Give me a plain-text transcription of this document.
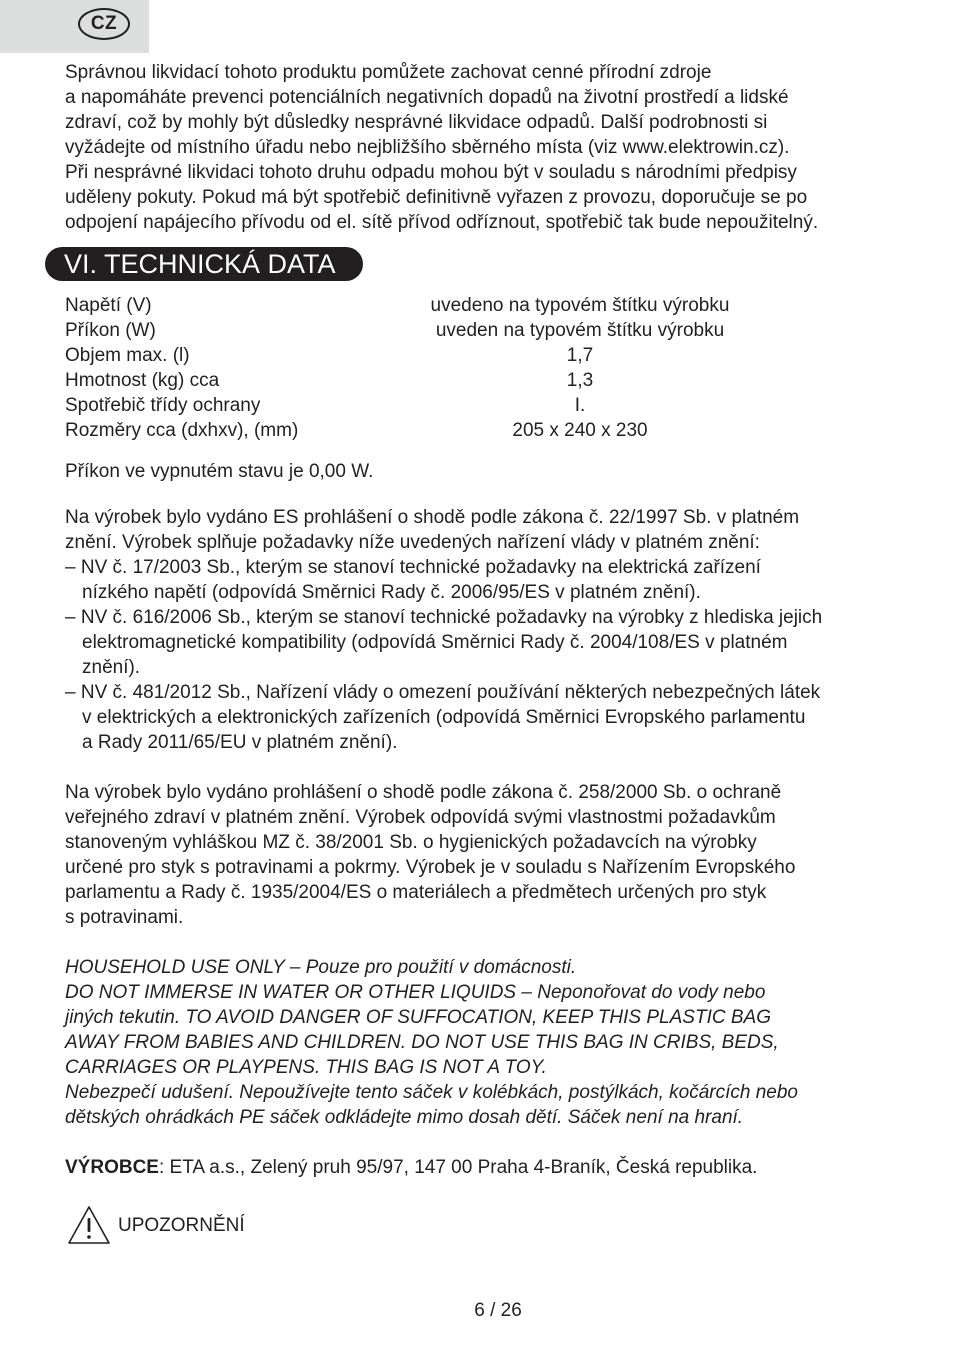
CZ
Správnou likvidací tohoto produktu pomůžete zachovat cenné přírodní zdroje
a napomáháte prevenci potenciálních negativních dopadů na životní prostředí a lidské
zdraví, což by mohly být důsledky nesprávné likvidace odpadů. Další podrobnosti si
vyžádejte od místního úřadu nebo nejbližšího sběrného místa (viz www.elektrowin.cz).
Při nesprávné likvidaci tohoto druhu odpadu mohou být v souladu s národními předpisy
uděleny pokuty. Pokud má být spotřebič definitivně vyřazen z provozu, doporučuje se po
odpojení napájecího přívodu od el. sítě přívod odříznout, spotřebič tak bude nepoužitelný.
VI. TECHNICKÁ DATA
Napětí (V)	uvedeno na typovém štítku výrobku
Příkon (W)	uveden na typovém štítku výrobku
Objem max. (l)	1,7
Hmotnost (kg) cca	1,3
Spotřebič třídy ochrany	I.
Rozměry cca (dxhxv), (mm)	205 x 240 x 230
Příkon ve vypnutém stavu je 0,00 W.
Na výrobek bylo vydáno ES prohlášení o shodě podle zákona č. 22/1997 Sb. v platném
znění. Výrobek splňuje požadavky níže uvedených nařízení vlády v platném znění:
– NV č. 17/2003 Sb., kterým se stanoví technické požadavky na elektrická zařízení
nízkého napětí (odpovídá Směrnici Rady č. 2006/95/ES v platném znění).
– NV č. 616/2006 Sb., kterým se stanoví technické požadavky na výrobky z hlediska jejich
elektromagnetické kompatibility (odpovídá Směrnici Rady č. 2004/108/ES v platném
znění).
– NV č. 481/2012 Sb., Nařízení vlády o omezení používání některých nebezpečných látek
v elektrických a elektronických zařízeních (odpovídá Směrnici Evropského parlamentu
a Rady 2011/65/EU v platném znění).
Na výrobek bylo vydáno prohlášení o shodě podle zákona č. 258/2000 Sb. o ochraně
veřejného zdraví v platném znění. Výrobek odpovídá svými vlastnostmi požadavkům
stanoveným vyhláškou MZ č. 38/2001 Sb. o hygienických požadavcích na výrobky
určené pro styk s potravinami a pokrmy. Výrobek je v souladu s Nařízením Evropského
parlamentu a Rady č. 1935/2004/ES o materiálech a předmětech určených pro styk
s potravinami.
HOUSEHOLD USE ONLY – Pouze pro použití v domácnosti.
DO NOT IMMERSE IN WATER OR OTHER LIQUIDS – Neponořovat do vody nebo
jiných tekutin. TO AVOID DANGER OF SUFFOCATION, KEEP THIS PLASTIC BAG
AWAY FROM BABIES AND CHILDREN. DO NOT USE THIS BAG IN CRIBS, BEDS,
CARRIAGES OR PLAYPENS. THIS BAG IS NOT A TOY.
Nebezpečí udušení. Nepoužívejte tento sáček v kolébkách, postýlkách, kočárcích nebo
dětských ohrádkách PE sáček odkládejte mimo dosah dětí. Sáček není na hraní.
VÝROBCE: ETA a.s., Zelený pruh 95/97, 147 00 Praha 4-Braník, Česká republika.
UPOZORNĚNÍ
6 / 26
